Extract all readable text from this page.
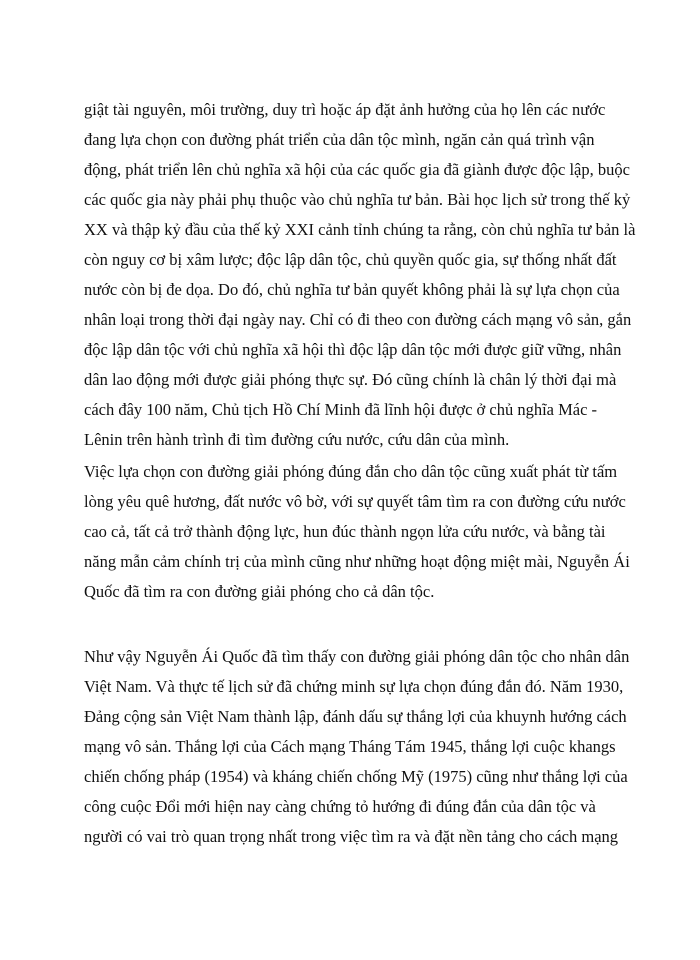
giật tài nguyên, môi trường, duy trì hoặc áp đặt ảnh hưởng của họ lên các nước
đang lựa chọn con đường phát triển của dân tộc mình, ngăn cản quá trình vận
động, phát triển lên chủ nghĩa xã hội của các quốc gia đã giành được độc lập, buộc
các quốc gia này phải phụ thuộc vào chủ nghĩa tư bản. Bài học lịch sử trong thế kỷ
XX và thập kỷ đầu của thế kỷ XXI cảnh tỉnh chúng ta rằng, còn chủ nghĩa tư bản là
còn nguy cơ bị xâm lược; độc lập dân tộc, chủ quyền quốc gia, sự thống nhất đất
nước còn bị đe dọa. Do đó, chủ nghĩa tư bản quyết không phải là sự lựa chọn của
nhân loại trong thời đại ngày nay. Chỉ có đi theo con đường cách mạng vô sản, gắn
độc lập dân tộc với chủ nghĩa xã hội thì độc lập dân tộc mới được giữ vững, nhân
dân lao động mới được giải phóng thực sự. Đó cũng chính là chân lý thời đại mà
cách đây 100 năm, Chủ tịch Hồ Chí Minh đã lĩnh hội được ở chủ nghĩa Mác -
Lênin trên hành trình đi tìm đường cứu nước, cứu dân của mình.
Việc lựa chọn con đường giải phóng đúng đắn cho dân tộc cũng xuất phát từ tấm
lòng yêu quê hương, đất nước vô bờ, với sự quyết tâm tìm ra con đường cứu nước
cao cả, tất cả trở thành động lực, hun đúc thành ngọn lửa cứu nước, và bằng tài
năng mẫn cảm chính trị của mình cũng như những hoạt động miệt mài, Nguyễn Ái
Quốc đã tìm ra con đường giải phóng cho cả dân tộc.
Như vậy Nguyễn Ái Quốc đã tìm thấy con đường giải phóng dân tộc cho nhân dân
Việt Nam. Và thực tế lịch sử đã chứng minh sự lựa chọn đúng đắn đó. Năm 1930,
Đảng cộng sản Việt Nam thành lập, đánh dấu sự thắng lợi của khuynh hướng cách
mạng vô sản. Thắng lợi của Cách mạng Tháng Tám 1945, thắng lợi cuộc khangs
chiến chống pháp (1954) và kháng chiến chống Mỹ (1975) cũng như thắng lợi của
công cuộc Đổi mới hiện nay càng chứng tỏ hướng đi đúng đắn của dân tộc và
người có vai trò quan trọng nhất trong việc tìm ra và đặt nền tảng cho cách mạng
